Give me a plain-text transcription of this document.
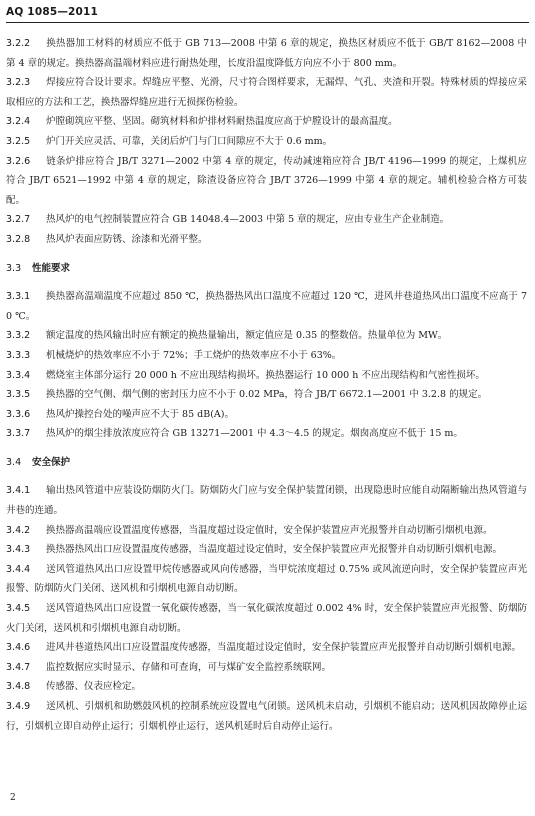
AQ 1085—2011

3.2.2 换热器加工材料的材质应不低于 GB 713—2008 中第 6 章的规定，换热区材质应不低于 GB/T 8162—2008 中第 4 章的规定。换热器高温端材料应进行耐热处理，长度沿温度降低方向应不小于 800 mm。

3.2.3 焊接应符合设计要求。焊缝应平整、光滑，尺寸符合图样要求，无漏焊、气孔、夹渣和开裂。特殊材质的焊接应采取相应的方法和工艺，换热器焊缝应进行无损探伤检验。

3.2.4 炉膛砌筑应平整、坚固。砌筑材料和炉排材料耐热温度应高于炉膛设计的最高温度。

3.2.5 炉门开关应灵活、可靠，关闭后炉门与门口间隙应不大于 0.6 mm。

3.2.6 链条炉排应符合 JB/T 3271—2002 中第 4 章的规定，传动减速箱应符合 JB/T 4196—1999 的规定，上煤机应符合 JB/T 6521—1992 中第 4 章的规定，除渣设备应符合 JB/T 3726—1999 中第 4 章的规定。辅机检验合格方可装配。

3.2.7 热风炉的电气控制装置应符合 GB 14048.4—2003 中第 5 章的规定，应由专业生产企业制造。

3.2.8 热风炉表面应防锈、涂漆和光滑平整。

3.3 性能要求

3.3.1 换热器高温端温度不应超过 850 ℃，换热器热风出口温度不应超过 120 ℃，进风井巷道热风出口温度不应高于 70 ℃。

3.3.2 额定温度的热风输出时应有额定的换热量输出，额定值应是 0.35 的整数倍。热量单位为 MW。

3.3.3 机械烧炉的热效率应不小于 72%；手工烧炉的热效率应不小于 63%。

3.3.4 燃烧室主体部分运行 20 000 h 不应出现结构损坏。换热器运行 10 000 h 不应出现结构和气密性损坏。

3.3.5 换热器的空气侧、烟气侧的密封压力应不小于 0.02 MPa，符合 JB/T 6672.1—2001 中 3.2.8 的规定。

3.3.6 热风炉操控台处的噪声应不大于 85 dB(A)。

3.3.7 热风炉的烟尘排放浓度应符合 GB 13271—2001 中 4.3～4.5 的规定。烟囱高度应不低于 15 m。

3.4 安全保护

3.4.1 输出热风管道中应装设防烟防火门。防烟防火门应与安全保护装置闭锁，出现隐患时应能自动隔断输出热风管道与井巷的连通。

3.4.2 换热器高温端应设置温度传感器，当温度超过设定值时，安全保护装置应声光报警并自动切断引烟机电源。

3.4.3 换热器热风出口应设置温度传感器，当温度超过设定值时，安全保护装置应声光报警并自动切断引烟机电源。

3.4.4 送风管道热风出口应设置甲烷传感器或风向传感器，当甲烷浓度超过 0.75% 或风流逆向时，安全保护装置应声光报警、防烟防火门关闭、送风机和引烟机电源自动切断。

3.4.5 送风管道热风出口应设置一氧化碳传感器，当一氧化碳浓度超过 0.002 4% 时，安全保护装置应声光报警、防烟防火门关闭，送风机和引烟机电源自动切断。

3.4.6 进风井巷道热风出口应设置温度传感器，当温度超过设定值时，安全保护装置应声光报警并自动切断引烟机电源。

3.4.7 监控数据应实时显示、存储和可查询，可与煤矿安全监控系统联网。

3.4.8 传感器、仪表应检定。

3.4.9 送风机、引烟机和助燃鼓风机的控制系统应设置电气闭锁。送风机未启动，引烟机不能启动；送风机因故障停止运行，引烟机立即自动停止运行；引烟机停止运行，送风机延时后自动停止运行。

2
